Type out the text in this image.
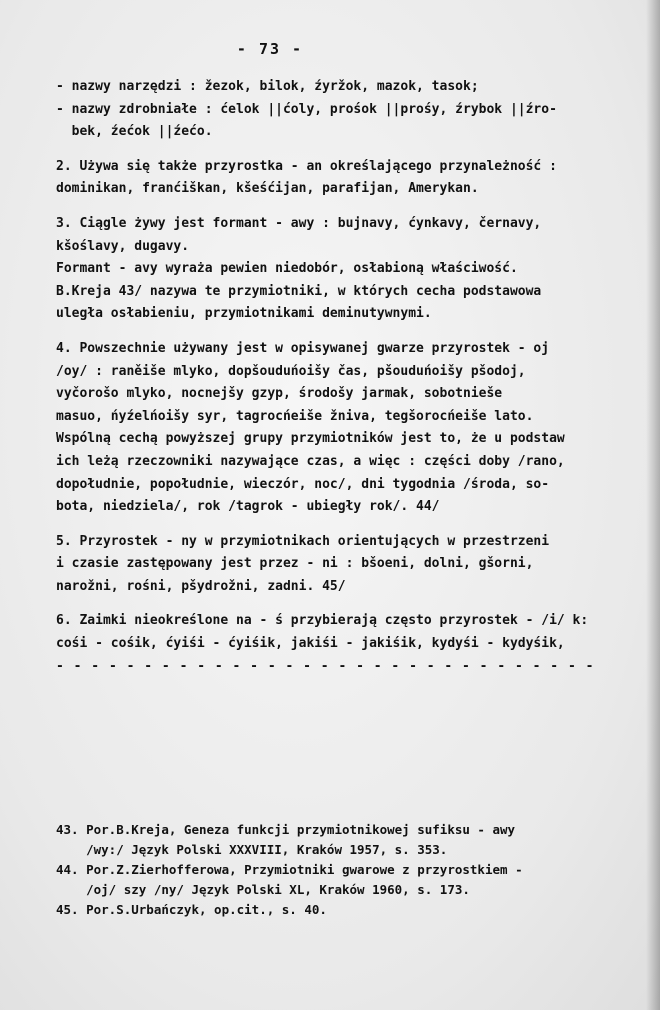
- 73 -
- nazwy narzędzi : žezok, bilok, źyržok, mazok, tasok;
- nazwy zdrobniałe : ćelok ||ćoly, prośok ||prośy, źrybok ||źro-
bek, źećok ||źećo.
2. Używa się także przyrostka - an określającego przynależność :
dominikan, franćiškan, kšeśćijan, parafijan, Amerykan.
3. Ciągle żywy jest formant - awy : bujnavy, ćynkavy, černavy,
kšoślavy, dugavy.
Formant - avy wyraża pewien niedobór, osłabioną właściwość.
B.Kreja 43/ nazywa te przymiotniki, w których cecha podstawowa
uległa osłabieniu, przymiotnikami deminutywnymi.
4. Powszechnie używany jest w opisywanej gwarze przyrostek - oj
/oy/ : raněiše mlyko, dopšouduńoišy čas, pšouduńoišy pšodoj,
vyčorošo mlyko, nocnejšy gzyp, środošy jarmak, sobotnieše
masuo, ńyźelńoišy syr, tagrocńeiše žniva, tegšorocńeiše lato.
Wspólną cechą powyższej grupy przymiotników jest to, że u podstaw
ich leżą rzeczowniki nazywające czas, a więc : części doby /rano,
dopołudnie, popołudnie, wieczór, noc/, dni tygodnia /środa, so-
bota, niedziela/, rok /tagrok - ubiegły rok/. 44/
5. Przyrostek - ny w przymiotnikach orientujących w przestrzeni
i czasie zastępowany jest przez - ni : bšoeni, dolni, gšorni,
narožni, rośni, pšydrožni, zadni. 45/
6. Zaimki nieokreślone na - ś przybierają często przyrostek - /i/ k:
cośi - cośik, ćyiśi - ćyiśik, jakiśi - jakiśik, kydyśi - kydyśik,
- - - - - - - - - - - - - - - - - - - - - - - - - - - - - - -
43. Por.B.Kreja, Geneza funkcji przymiotnikowej sufiksu - awy
/wy:/ Język Polski XXXVIII, Kraków 1957, s. 353.
44. Por.Z.Zierhofferowa, Przymiotniki gwarowe z przyrostkiem -
/oj/ szy /ny/ Język Polski XL, Kraków 1960, s. 173.
45. Por.S.Urbańczyk, op.cit., s. 40.
